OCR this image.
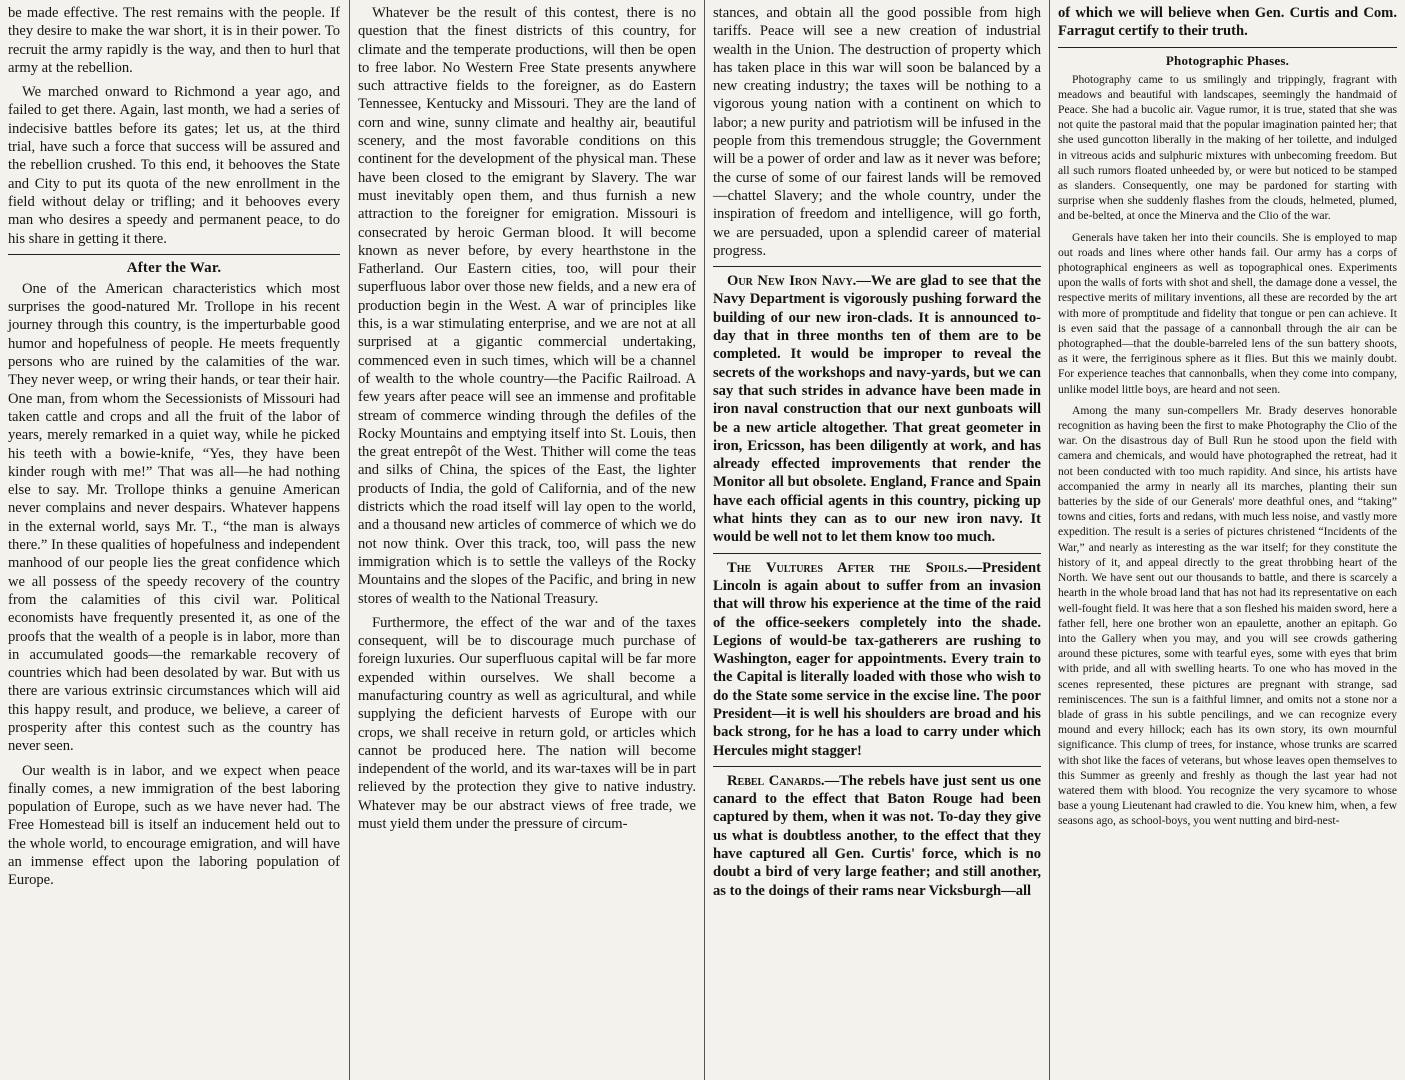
be made effective. The rest remains with the people. If they desire to make the war short, it is in their power. To recruit the army rapidly is the way, and then to hurl that army at the rebellion.

We marched onward to Richmond a year ago, and failed to get there. Again, last month, we had a series of indecisive battles before its gates; let us, at the third trial, have such a force that success will be assured and the rebellion crushed. To this end, it behooves the State and City to put its quota of the new enrollment in the field without delay or trifling; and it behooves every man who desires a speedy and permanent peace, to do his share in getting it there.

After the War.

One of the American characteristics which most surprises the good-natured Mr. Trollope in his recent journey through this country, is the imperturbable good humor and hopefulness of people. He meets frequently persons who are ruined by the calamities of the war. They never weep, or wring their hands, or tear their hair. One man, from whom the Secessionists of Missouri had taken cattle and crops and all the fruit of the labor of years, merely remarked in a quiet way, while he picked his teeth with a bowie-knife, “Yes, they have been kinder rough with me!” That was all—he had nothing else to say. Mr. Trollope thinks a genuine American never complains and never despairs. Whatever happens in the external world, says Mr. T., “the man is always there.” In these qualities of hopefulness and independent manhood of our people lies the great confidence which we all possess of the speedy recovery of the country from the calamities of this civil war. Political economists have frequently presented it, as one of the proofs that the wealth of a people is in labor, more than in accumulated goods—the remarkable recovery of countries which had been desolated by war. But with us there are various extrinsic circumstances which will aid this happy result, and produce, we believe, a career of prosperity after this contest such as the country has never seen.

Our wealth is in labor, and we expect when peace finally comes, a new immigration of the best laboring population of Europe, such as we have never had. The Free Homestead bill is itself an inducement held out to the whole world, to encourage emigration, and will have an immense effect upon the laboring population of Europe.

Whatever be the result of this contest, there is no question that the finest districts of this country, for climate and the temperate productions, will then be open to free labor. No Western Free State presents anywhere such attractive fields to the foreigner, as do Eastern Tennessee, Kentucky and Missouri. They are the land of corn and wine, sunny climate and healthy air, beautiful scenery, and the most favorable conditions on this continent for the development of the physical man. These have been closed to the emigrant by Slavery. The war must inevitably open them, and thus furnish a new attraction to the foreigner for emigration. Missouri is consecrated by heroic German blood. It will become known as never before, by every hearthstone in the Fatherland. Our Eastern cities, too, will pour their superfluous labor over those new fields, and a new era of production begin in the West. A war of principles like this, is a war stimulating enterprise, and we are not at all surprised at a gigantic commercial undertaking, commenced even in such times, which will be a channel of wealth to the whole country—the Pacific Railroad. A few years after peace will see an immense and profitable stream of commerce winding through the defiles of the Rocky Mountains and emptying itself into St. Louis, then the great entrepôt of the West. Thither will come the teas and silks of China, the spices of the East, the lighter products of India, the gold of California, and of the new districts which the road itself will lay open to the world, and a thousand new articles of commerce of which we do not now think. Over this track, too, will pass the new immigration which is to settle the valleys of the Rocky Mountains and the slopes of the Pacific, and bring in new stores of wealth to the National Treasury.

Furthermore, the effect of the war and of the taxes consequent, will be to discourage much purchase of foreign luxuries. Our superfluous capital will be far more expended within ourselves. We shall become a manufacturing country as well as agricultural, and while supplying the deficient harvests of Europe with our crops, we shall receive in return gold, or articles which cannot be produced here. The nation will become independent of the world, and its war-taxes will be in part relieved by the protection they give to native industry. Whatever may be our abstract views of free trade, we must yield them under the pressure of circum-

stances, and obtain all the good possible from high tariffs. Peace will see a new creation of industrial wealth in the Union. The destruction of property which has taken place in this war will soon be balanced by a new creating industry; the taxes will be nothing to a vigorous young nation with a continent on which to labor; a new purity and patriotism will be infused in the people from this tremendous struggle; the Government will be a power of order and law as it never was before; the curse of some of our fairest lands will be removed—chattel Slavery; and the whole country, under the inspiration of freedom and intelligence, will go forth, we are persuaded, upon a splendid career of material progress.

Our New Iron Navy.—We are glad to see that the Navy Department is vigorously pushing forward the building of our new iron-clads. It is announced to-day that in three months ten of them are to be completed. It would be improper to reveal the secrets of the workshops and navy-yards, but we can say that such strides in advance have been made in iron naval construction that our next gunboats will be a new article altogether. That great geometer in iron, Ericsson, has been diligently at work, and has already effected improvements that render the Monitor all but obsolete. England, France and Spain have each official agents in this country, picking up what hints they can as to our new iron navy. It would be well not to let them know too much.

The Vultures After the Spoils.—President Lincoln is again about to suffer from an invasion that will throw his experience at the time of the raid of the office-seekers completely into the shade. Legions of would-be tax-gatherers are rushing to Washington, eager for appointments. Every train to the Capital is literally loaded with those who wish to do the State some service in the excise line. The poor President—it is well his shoulders are broad and his back strong, for he has a load to carry under which Hercules might stagger!

Rebel Canards.—The rebels have just sent us one canard to the effect that Baton Rouge had been captured by them, when it was not. To-day they give us what is doubtless another, to the effect that they have captured all Gen. Curtis' force, which is no doubt a bird of very large feather; and still another, as to the doings of their rams near Vicksburgh—all

of which we will believe when Gen. Curtis and Com. Farragut certify to their truth.

Photographic Phases.

Photography came to us smilingly and trippingly, fragrant with meadows and beautiful with landscapes, seemingly the handmaid of Peace. She had a bucolic air. Vague rumor, it is true, stated that she was not quite the pastoral maid that the popular imagination painted her; that she used guncotton liberally in the making of her toilette, and indulged in vitreous acids and sulphuric mixtures with unbecoming freedom. But all such rumors floated unheeded by, or were but noticed to be stamped as slanders. Consequently, one may be pardoned for starting with surprise when she suddenly flashes from the clouds, helmeted, plumed, and be-belted, at once the Minerva and the Clio of the war.

Generals have taken her into their councils. She is employed to map out roads and lines where other hands fail. Our army has a corps of photographical engineers as well as topographical ones. Experiments upon the walls of forts with shot and shell, the damage done a vessel, the respective merits of military inventions, all these are recorded by the art with more of promptitude and fidelity that tongue or pen can achieve. It is even said that the passage of a cannonball through the air can be photographed—that the double-barreled lens of the sun battery shoots, as it were, the ferriginous sphere as it flies. But this we mainly doubt. For experience teaches that cannonballs, when they come into company, unlike model little boys, are heard and not seen.

Among the many sun-compellers Mr. Brady deserves honorable recognition as having been the first to make Photography the Clio of the war. On the disastrous day of Bull Run he stood upon the field with camera and chemicals, and would have photographed the retreat, had it not been conducted with too much rapidity. And since, his artists have accompanied the army in nearly all its marches, planting their sun batteries by the side of our Generals' more deathful ones, and “taking” towns and cities, forts and redans, with much less noise, and vastly more expedition. The result is a series of pictures christened “Incidents of the War,” and nearly as interesting as the war itself; for they constitute the history of it, and appeal directly to the great throbbing heart of the North. We have sent out our thousands to battle, and there is scarcely a hearth in the whole broad land that has not had its representative on each well-fought field. It was here that a son fleshed his maiden sword, here a father fell, here one brother won an epaulette, another an epitaph. Go into the Gallery when you may, and you will see crowds gathering around these pictures, some with tearful eyes, some with eyes that brim with pride, and all with swelling hearts. To one who has moved in the scenes represented, these pictures are pregnant with strange, sad reminiscences. The sun is a faithful limner, and omits not a stone nor a blade of grass in his subtle pencilings, and we can recognize every mound and every hillock; each has its own story, its own mournful significance. This clump of trees, for instance, whose trunks are scarred with shot like the faces of veterans, but whose leaves open themselves to this Summer as greenly and freshly as though the last year had not watered them with blood. You recognize the very sycamore to whose base a young Lieutenant had crawled to die. You knew him, when, a few seasons ago, as school-boys, you went nutting and bird-nest-
